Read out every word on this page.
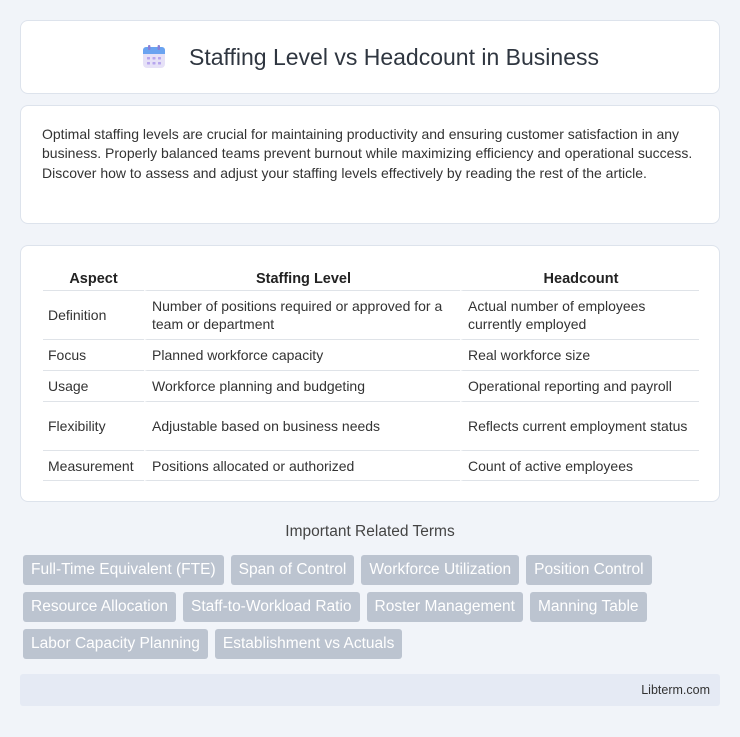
Staffing Level vs Headcount in Business

Optimal staffing levels are crucial for maintaining productivity and ensuring customer satisfaction in any business. Properly balanced teams prevent burnout while maximizing efficiency and operational success. Discover how to assess and adjust your staffing levels effectively by reading the rest of the article.

Aspect	Staffing Level	Headcount
Definition	Number of positions required or approved for a team or department	Actual number of employees currently employed
Focus	Planned workforce capacity	Real workforce size
Usage	Workforce planning and budgeting	Operational reporting and payroll
Flexibility	Adjustable based on business needs	Reflects current employment status
Measurement	Positions allocated or authorized	Count of active employees
Important Related Terms
Full-Time Equivalent (FTE)	Span of Control	Workforce Utilization	Position Control
Resource Allocation	Staff-to-Workload Ratio	Roster Management	Manning Table
Labor Capacity Planning	Establishment vs Actuals
Libterm.com
